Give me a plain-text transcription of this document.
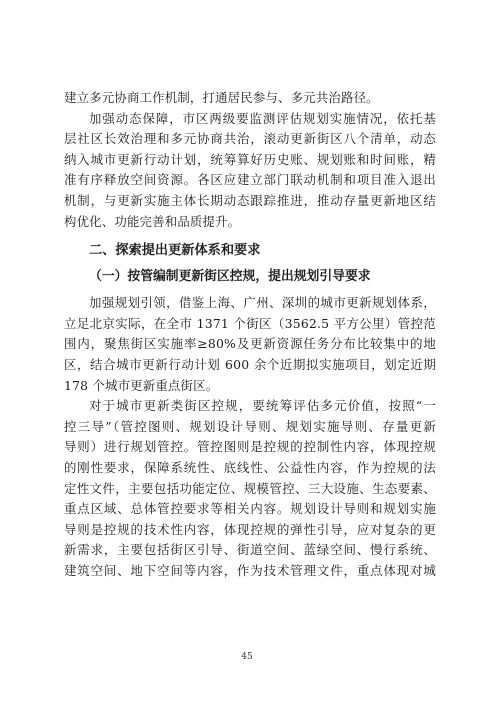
建立多元协商工作机制，打通居民参与、多元共治路径。
加强动态保障，市区两级要监测评估规划实施情况，依托基
层社区长效治理和多元协商共治，滚动更新街区八个清单，动态
纳入城市更新行动计划，统筹算好历史账、规划账和时间账，精
准有序释放空间资源。各区应建立部门联动机制和项目准入退出
机制，与更新实施主体长期动态跟踪推进，推动存量更新地区结
构优化、功能完善和品质提升。
二、探索提出更新体系和要求
（一）按管编制更新街区控规，提出规划引导要求
加强规划引领，借鉴上海、广州、深圳的城市更新规划体系，
立足北京实际，在全市 1371 个街区（3562.5 平方公里）管控范
围内，聚焦街区实施率≥80%及更新资源任务分布比较集中的地
区，结合城市更新行动计划 600 余个近期拟实施项目，划定近期
178 个城市更新重点街区。
对于城市更新类街区控规，要统筹评估多元价值，按照“一
控三导”（管控图则、规划设计导则、规划实施导则、存量更新
导则）进行规划管控。管控图则是控规的控制性内容，体现控规
的刚性要求，保障系统性、底线性、公益性内容，作为控规的法
定性文件，主要包括功能定位、规模管控、三大设施、生态要素、
重点区域、总体管控要求等相关内容。规划设计导则和规划实施
导则是控规的技术性内容，体现控规的弹性引导，应对复杂的更
新需求，主要包括街区引导、街道空间、蓝绿空间、慢行系统、
建筑空间、地下空间等内容，作为技术管理文件，重点体现对城
45
